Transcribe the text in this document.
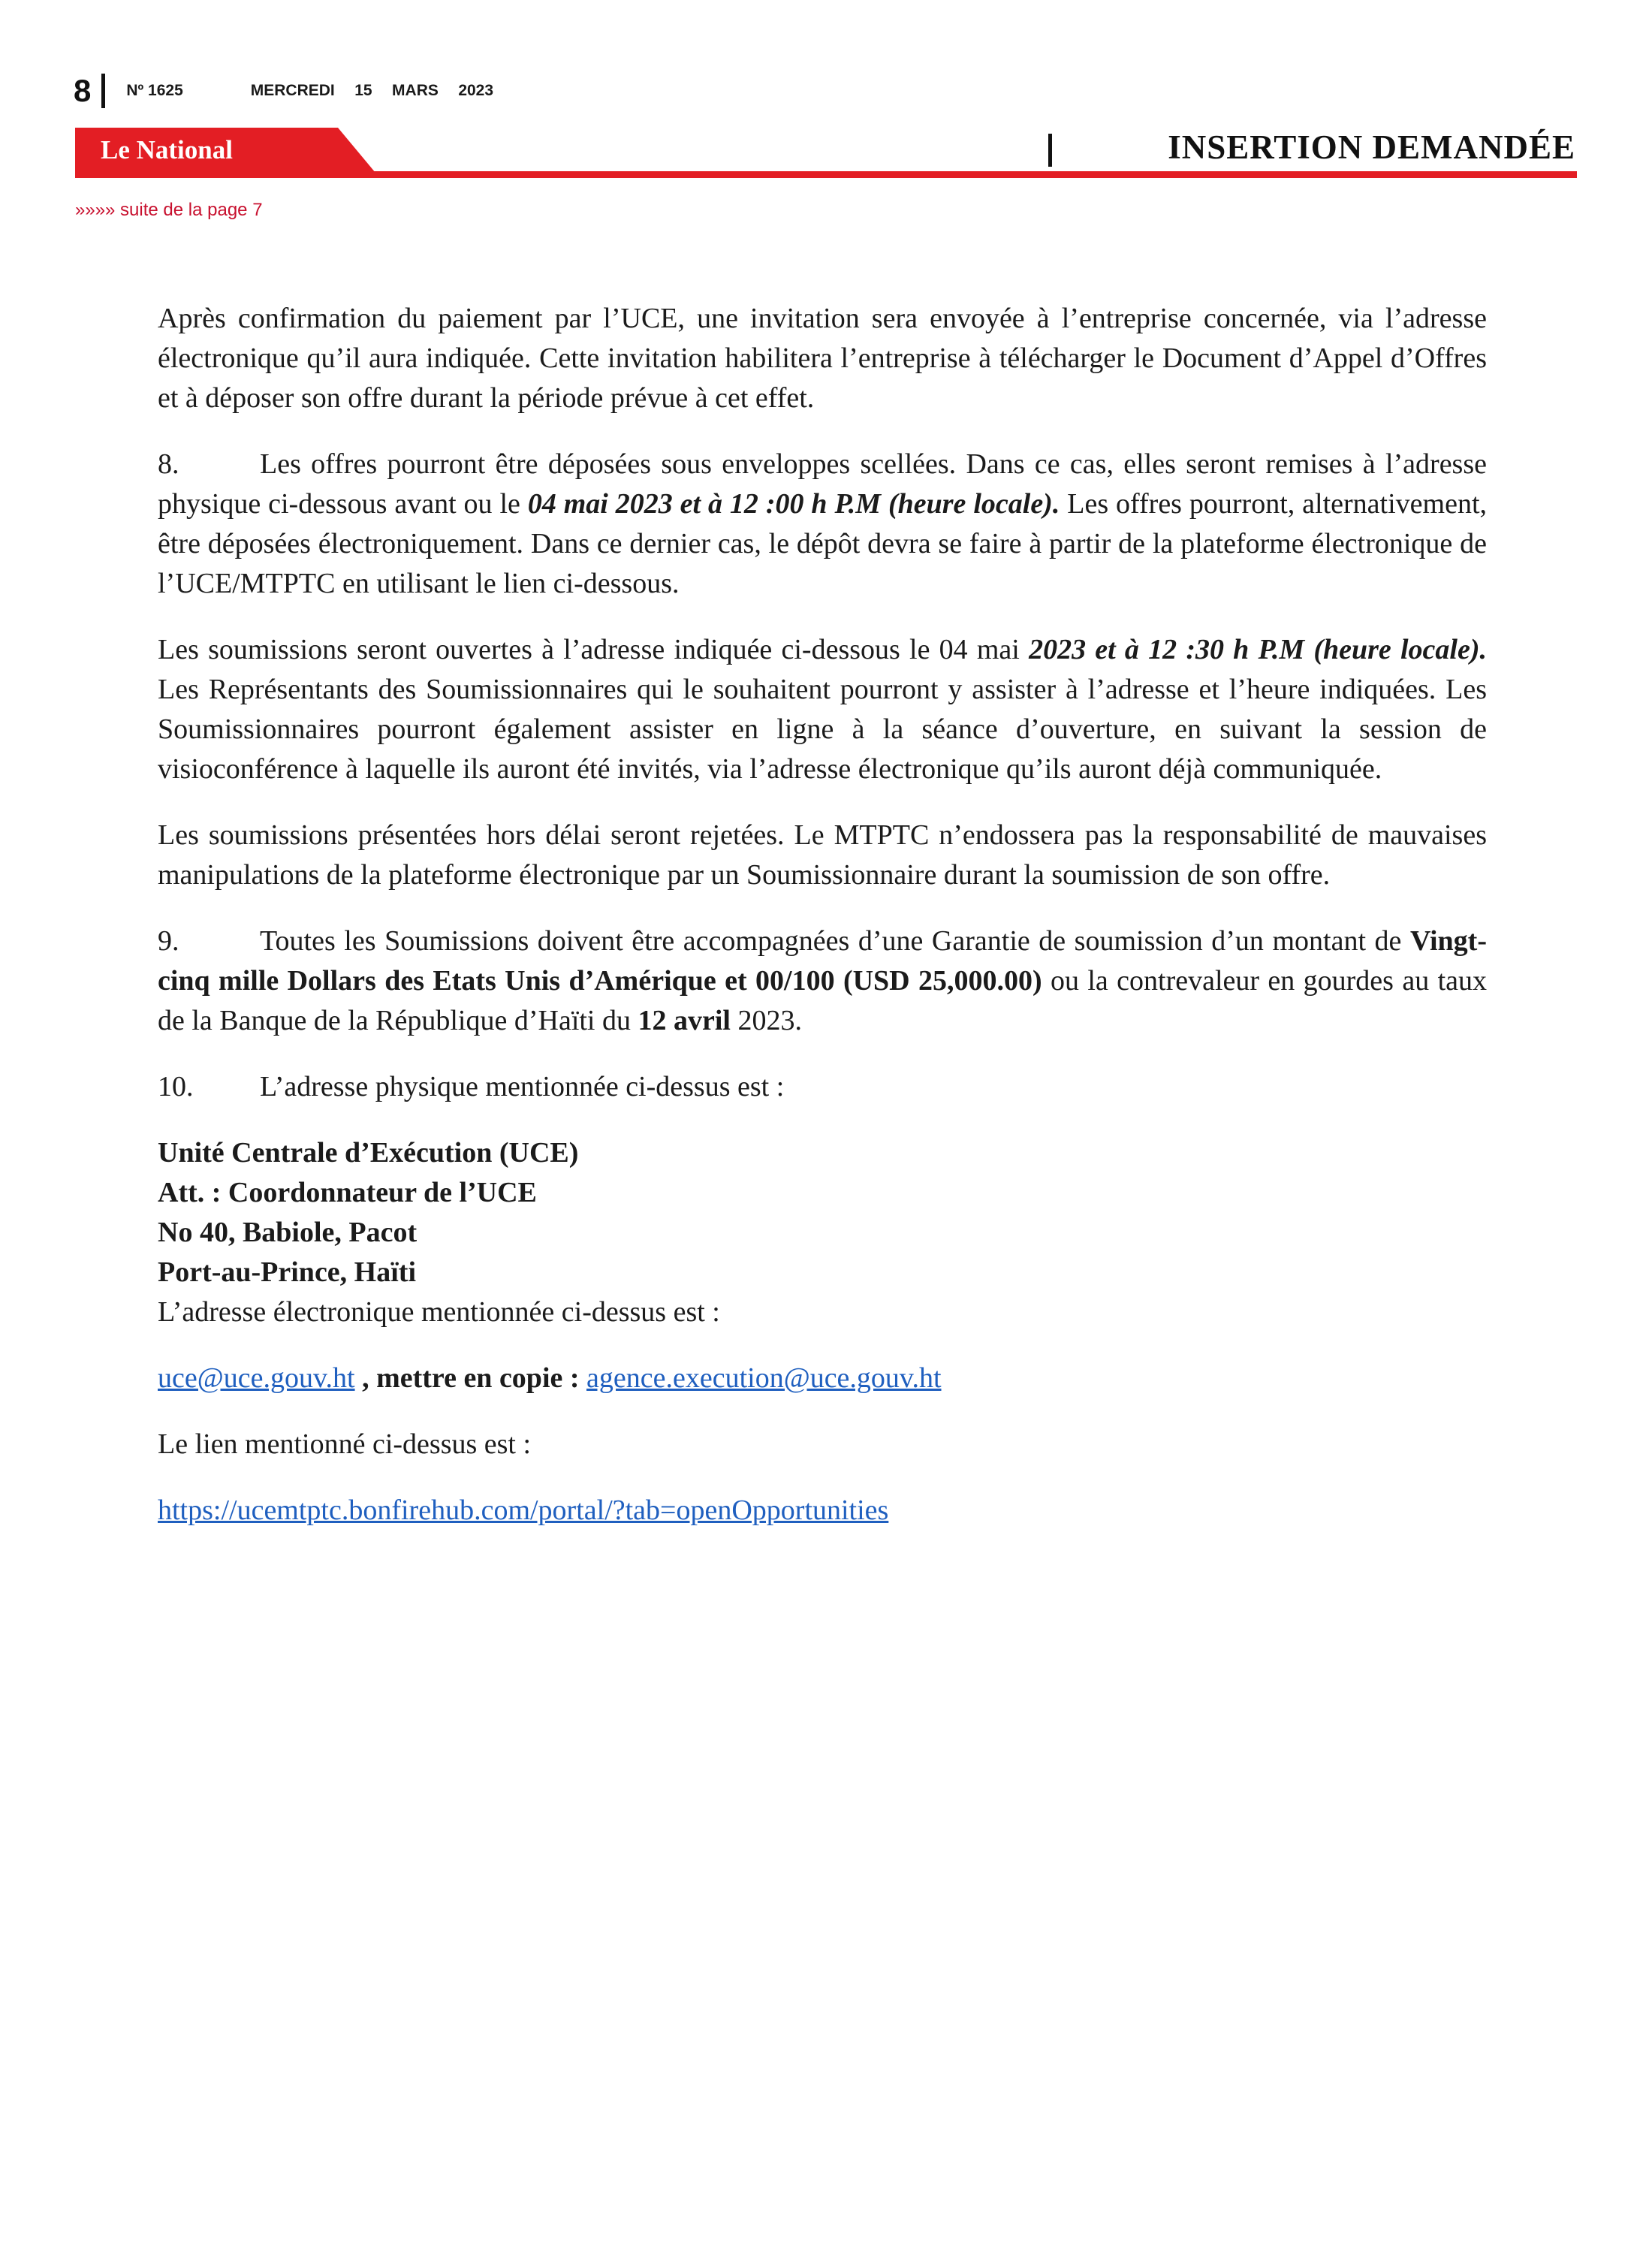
8 Nº 1625	MERCREDI 15 MARS 2023
Le National	INSERTION DEMANDÉE
»»»» suite de la page 7

Après confirmation du paiement par l’UCE, une invitation sera envoyée à l’entreprise concernée, via l’adresse électronique qu’il aura indiquée. Cette invitation habilitera l’entreprise à télécharger le Document d’Appel d’Offres et à déposer son offre durant la période prévue à cet effet.

8.	Les offres pourront être déposées sous enveloppes scellées. Dans ce cas, elles seront remises à l’adresse physique ci-dessous avant ou le 04 mai 2023 et à 12 :00 h P.M (heure locale). Les offres pourront, alternativement, être déposées électroniquement. Dans ce dernier cas, le dépôt devra se faire à partir de la plateforme électronique de l’UCE/MTPTC en utilisant le lien ci-dessous.

Les soumissions seront ouvertes à l’adresse indiquée ci-dessous le 04 mai 2023 et à 12 :30 h P.M (heure locale). Les Représentants des Soumissionnaires qui le souhaitent pourront y assister à l’adresse et l’heure indiquées. Les Soumissionnaires pourront également assister en ligne à la séance d’ouverture, en suivant la session de visioconférence à laquelle ils auront été invités, via l’adresse électronique qu’ils auront déjà communiquée.

Les soumissions présentées hors délai seront rejetées. Le MTPTC n’endossera pas la responsabilité de mauvaises manipulations de la plateforme électronique par un Soumissionnaire durant la soumission de son offre.

9.	Toutes les Soumissions doivent être accompagnées d’une Garantie de soumission d’un montant de Vingt-cinq mille Dollars des Etats Unis d’Amérique et 00/100 (USD 25,000.00) ou la contrevaleur en gourdes au taux de la Banque de la République d’Haïti du 12 avril 2023.

10. L’adresse physique mentionnée ci-dessus est :

Unité Centrale d’Exécution (UCE)
Att. : Coordonnateur de l’UCE
No 40, Babiole, Pacot
Port-au-Prince, Haïti

L’adresse électronique mentionnée ci-dessus est :

uce@uce.gouv.ht , mettre en copie : agence.execution@uce.gouv.ht

Le lien mentionné ci-dessus est :

https://ucemtptc.bonfirehub.com/portal/?tab=openOpportunities
